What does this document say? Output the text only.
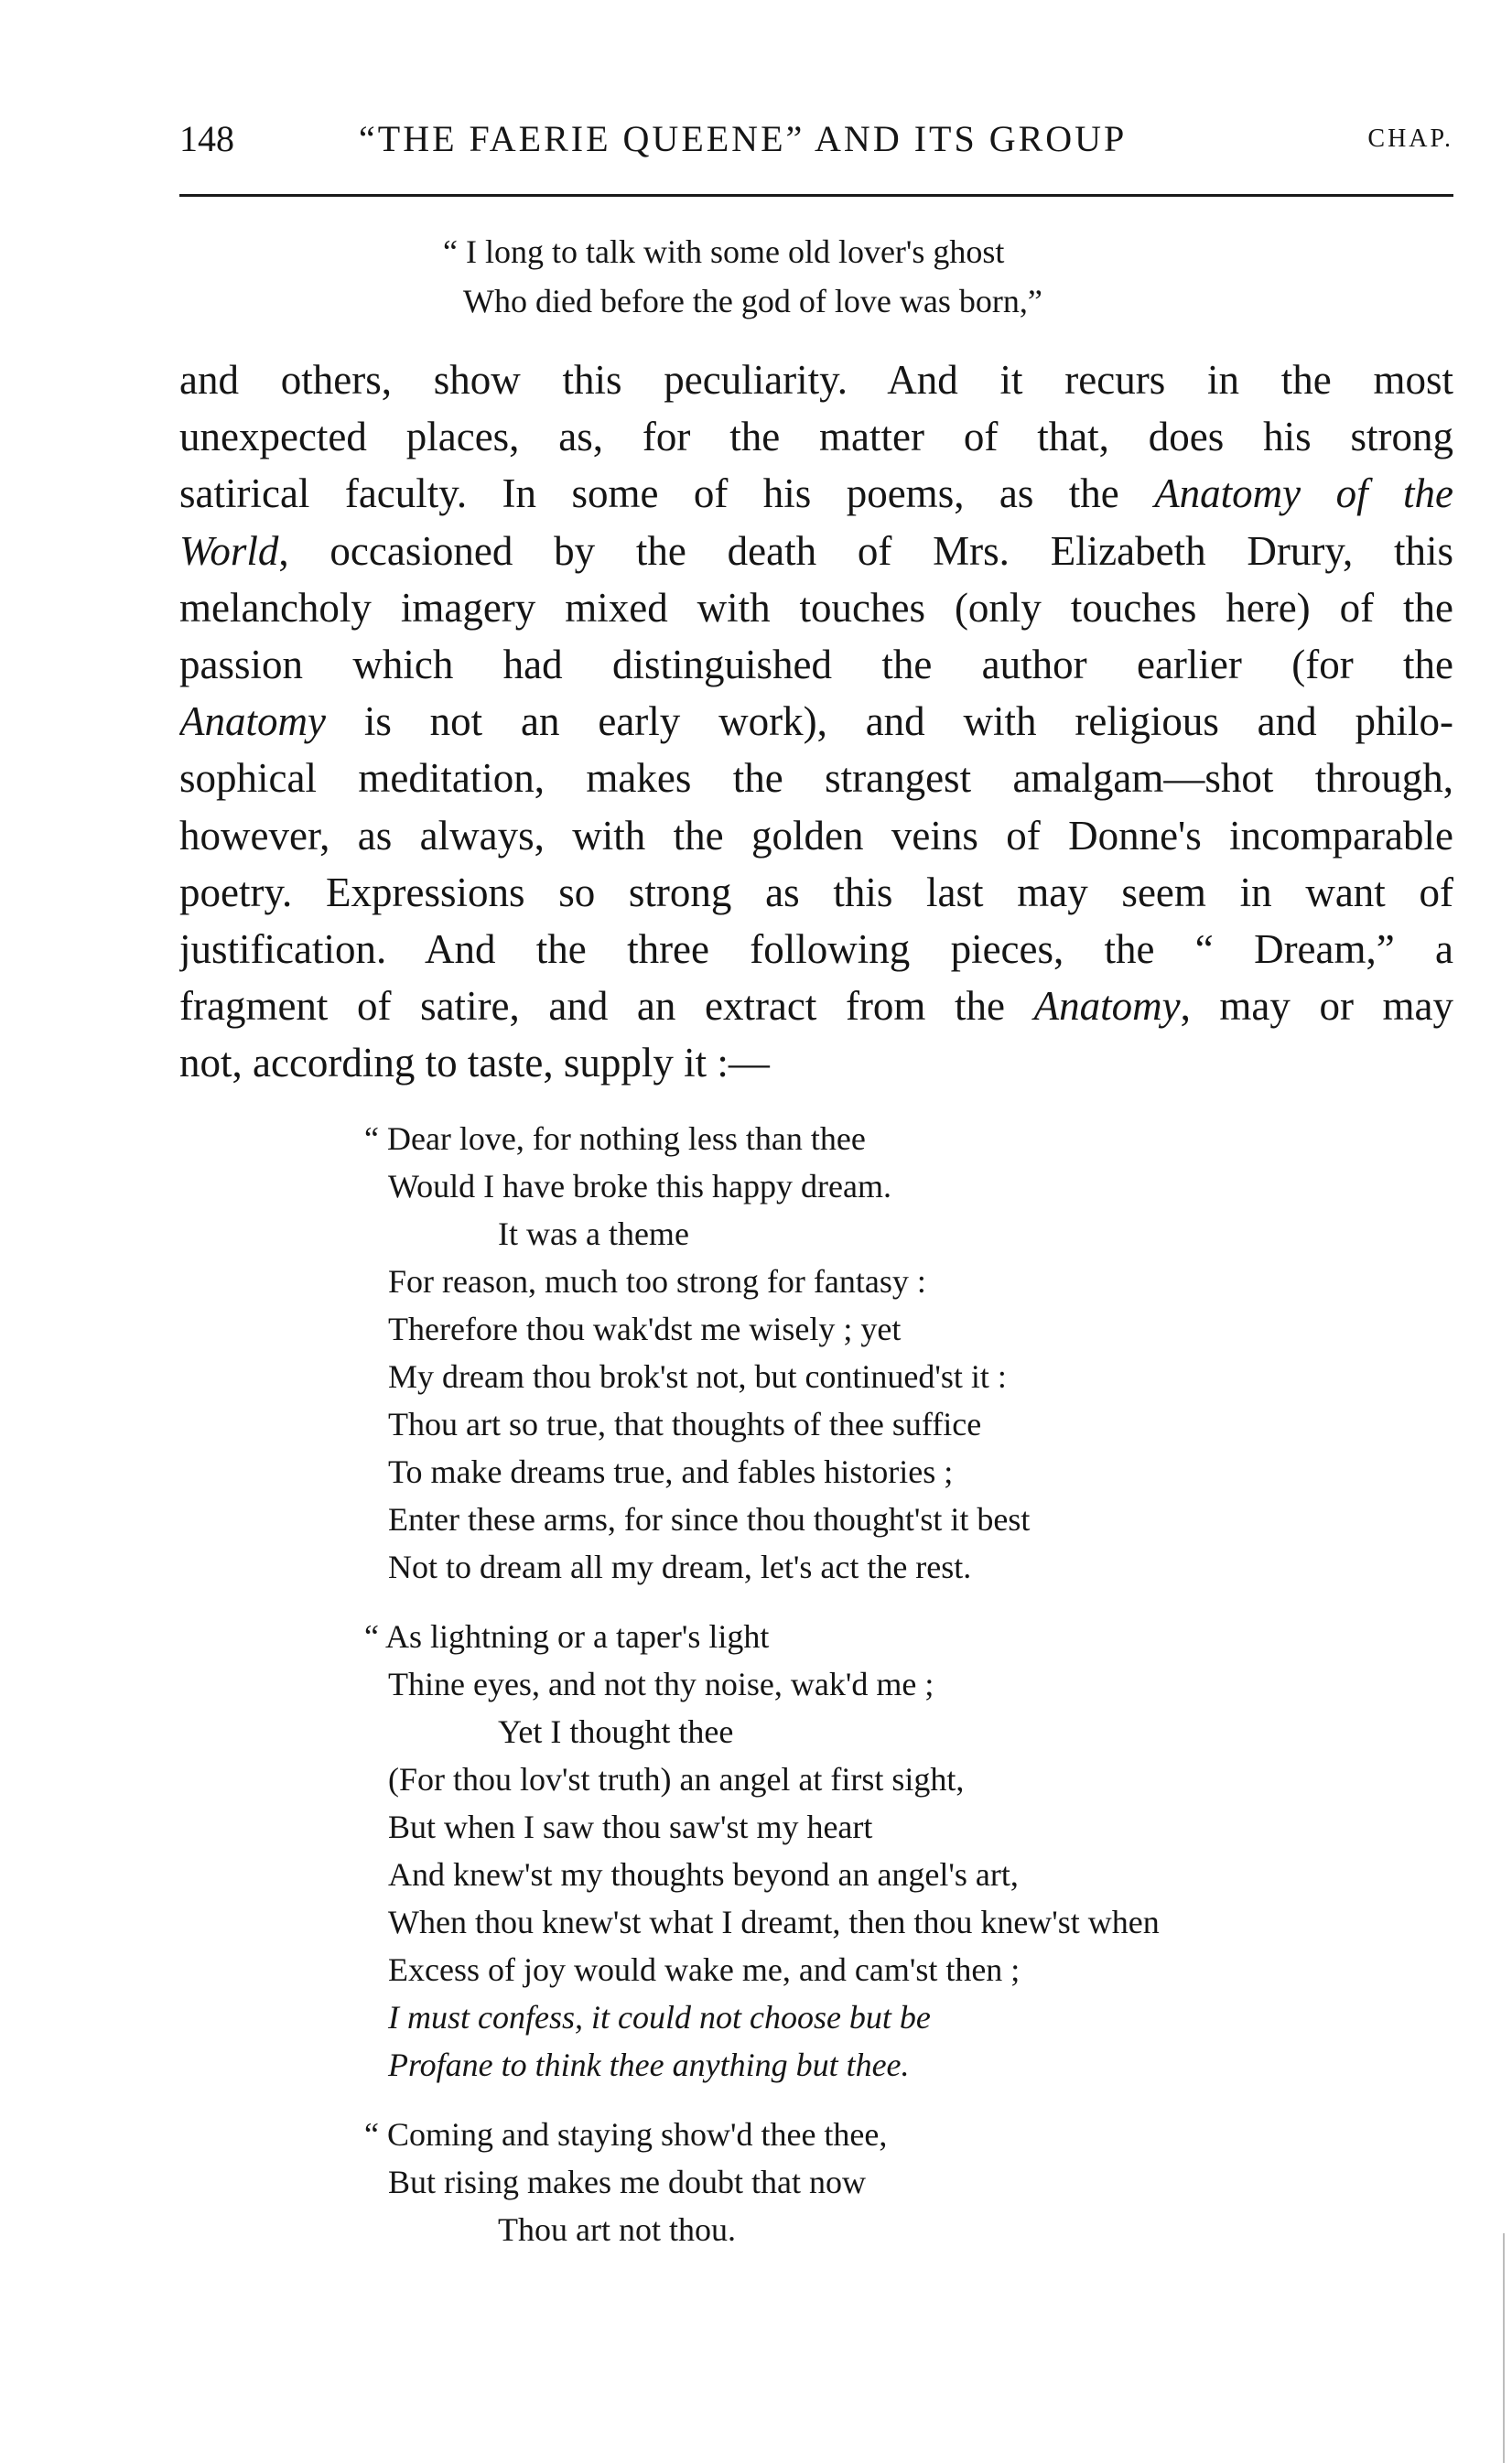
148	“THE FAERIE QUEENE” AND ITS GROUP	CHAP.
“ I long to talk with some old lover's ghost
Who died before the god of love was born,”
and others, show this peculiarity. And it recurs in the most
unexpected places, as, for the matter of that, does his strong
satirical faculty. In some of his poems, as the Anatomy of the
World, occasioned by the death of Mrs. Elizabeth Drury, this
melancholy imagery mixed with touches (only touches here) of the
passion which had distinguished the author earlier (for the
Anatomy is not an early work), and with religious and philo-
sophical meditation, makes the strangest amalgam—shot through,
however, as always, with the golden veins of Donne's incomparable
poetry. Expressions so strong as this last may seem in want of
justification. And the three following pieces, the “ Dream,” a
fragment of satire, and an extract from the Anatomy, may or may
not, according to taste, supply it :—
“ Dear love, for nothing less than thee
Would I have broke this happy dream.
It was a theme
For reason, much too strong for fantasy :
Therefore thou wak'dst me wisely ; yet
My dream thou brok'st not, but continued'st it :
Thou art so true, that thoughts of thee suffice
To make dreams true, and fables histories ;
Enter these arms, for since thou thought'st it best
Not to dream all my dream, let's act the rest.
“ As lightning or a taper's light
Thine eyes, and not thy noise, wak'd me ;
Yet I thought thee
(For thou lov'st truth) an angel at first sight,
But when I saw thou saw'st my heart
And knew'st my thoughts beyond an angel's art,
When thou knew'st what I dreamt, then thou knew'st when
Excess of joy would wake me, and cam'st then ;
I must confess, it could not choose but be
Profane to think thee anything but thee.
“ Coming and staying show'd thee thee,
But rising makes me doubt that now
Thou art not thou.
